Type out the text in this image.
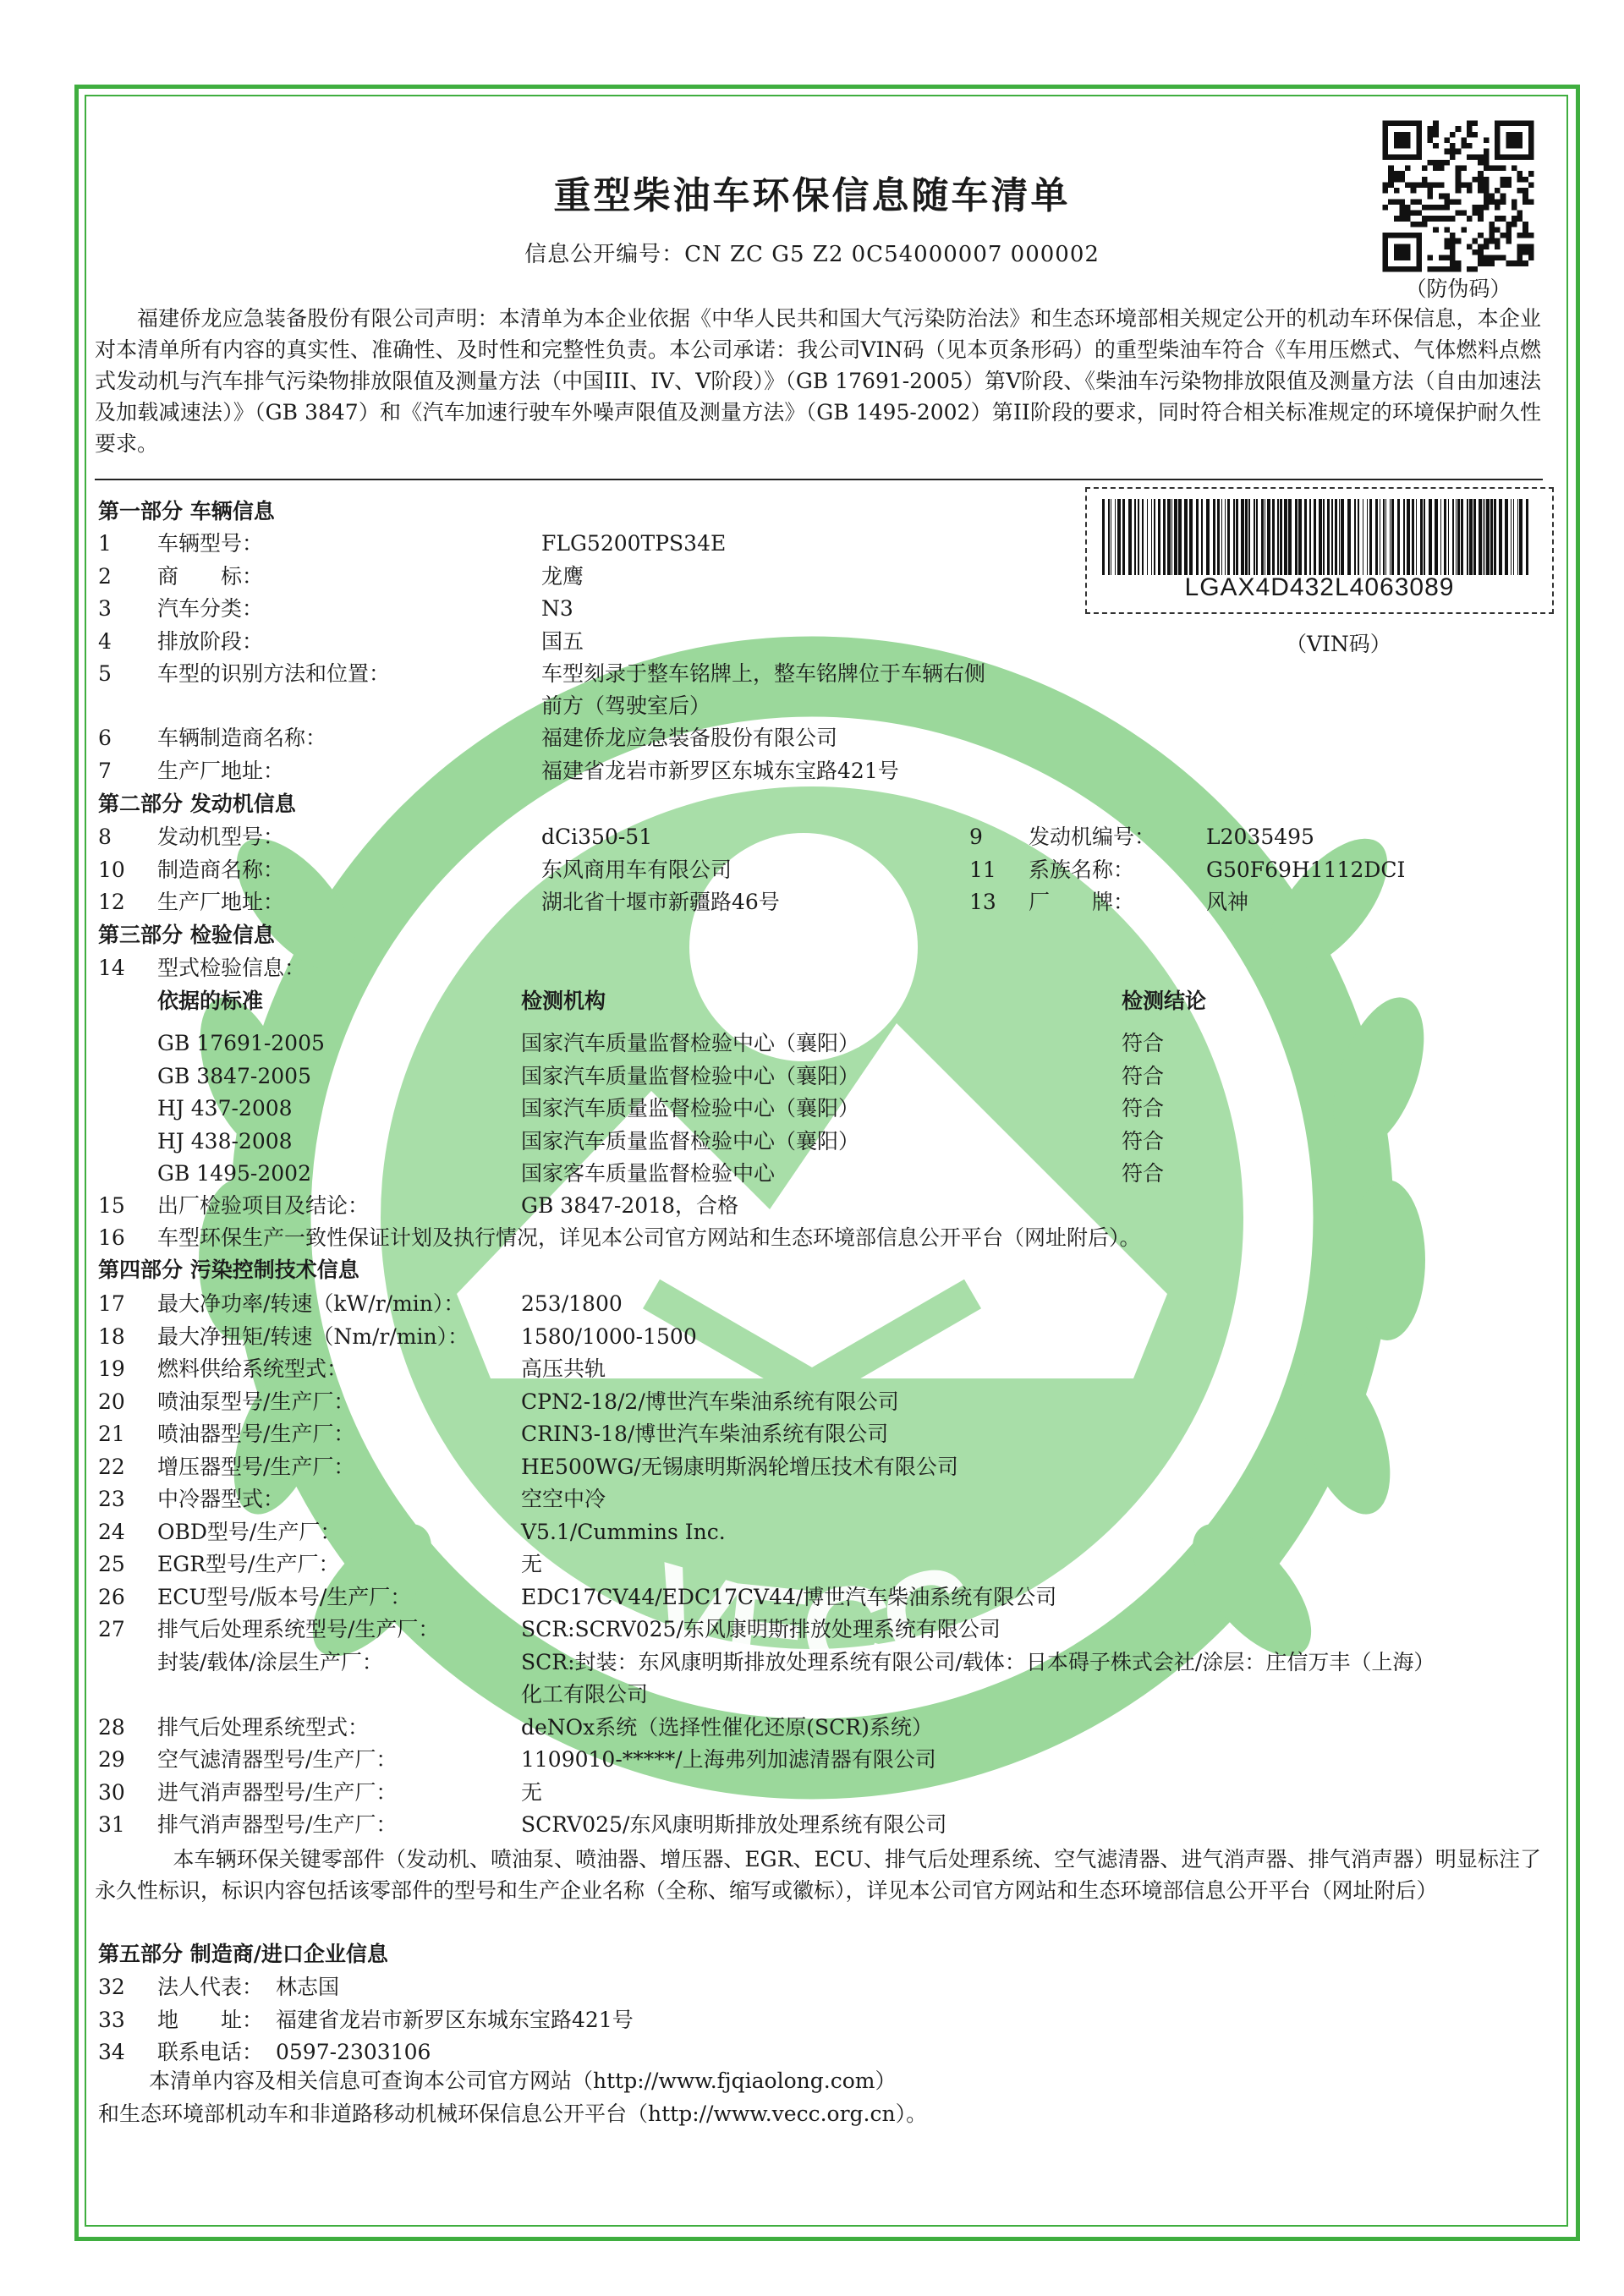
VECC
重型柴油车环保信息随车清单
信息公开编号：CN ZC G5 Z2 0C54000007 000002
（防伪码）
福建侨龙应急装备股份有限公司声明：本清单为本企业依据《中华人民共和国大气污染防治法》和生态环境部相关规定公开的机动车环保信息，本企业对本清单所有内容的真实性、准确性、及时性和完整性负责。本公司承诺：我公司VIN码（见本页条形码）的重型柴油车符合《车用压燃式、气体燃料点燃式发动机与汽车排气污染物排放限值及测量方法（中国III、IV、V阶段）》（GB 17691-2005）第V阶段、《柴油车污染物排放限值及测量方法（自由加速法及加载减速法）》（GB 3847）和《汽车加速行驶车外噪声限值及测量方法》（GB 1495-2002）第II阶段的要求，同时符合相关标准规定的环境保护耐久性要求。
LGAX4D432L4063089
（VIN码）
第一部分 车辆信息
1 车辆型号：	FLG5200TPS34E
2 商　　标：	龙鹰
3 汽车分类：	N3
4 排放阶段：	国五
5 车型的识别方法和位置：	车型刻录于整车铭牌上，整车铭牌位于车辆右侧
前方（驾驶室后）
6 车辆制造商名称：	福建侨龙应急装备股份有限公司
7 生产厂地址：	福建省龙岩市新罗区东城东宝路421号
第二部分 发动机信息
8 发动机型号：	dCi350-51	9 发动机编号： L2035495
10 制造商名称：	东风商用车有限公司	11 系族名称：	G50F69H1112DCI
12 生产厂地址：	湖北省十堰市新疆路46号	13 厂　　牌：	风神
第三部分 检验信息
14 型式检验信息：
依据的标准	检测机构	检测结论
GB 17691-2005	国家汽车质量监督检验中心（襄阳）	符合
GB 3847-2005	国家汽车质量监督检验中心（襄阳）	符合
HJ 437-2008	国家汽车质量监督检验中心（襄阳）	符合
HJ 438-2008	国家汽车质量监督检验中心（襄阳）	符合
GB 1495-2002	国家客车质量监督检验中心	符合
15 出厂检验项目及结论：	GB 3847-2018，合格
16 车型环保生产一致性保证计划及执行情况，详见本公司官方网站和生态环境部信息公开平台（网址附后）。
第四部分 污染控制技术信息
17 最大净功率/转速（kW/r/min）：	253/1800
18 最大净扭矩/转速（Nm/r/min）： 1580/1000-1500
19 燃料供给系统型式：	高压共轨
20 喷油泵型号/生产厂：	CPN2-18/2/博世汽车柴油系统有限公司
21 喷油器型号/生产厂：	CRIN3-18/博世汽车柴油系统有限公司
22 增压器型号/生产厂：	HE500WG/无锡康明斯涡轮增压技术有限公司
23 中冷器型式：	空空中冷
24 OBD型号/生产厂：	V5.1/Cummins Inc.
25 EGR型号/生产厂：	无
26 ECU型号/版本号/生产厂：	EDC17CV44/EDC17CV44/博世汽车柴油系统有限公司
27 排气后处理系统型号/生产厂：	SCR:SCRV025/东风康明斯排放处理系统有限公司
封装/载体/涂层生产厂：	SCR:封装：东风康明斯排放处理系统有限公司/载体：日本碍子株式会社/涂层：庄信万丰（上海）
化工有限公司
28 排气后处理系统型式：	deNOx系统（选择性催化还原(SCR)系统）
29 空气滤清器型号/生产厂：	1109010-*****/上海弗列加滤清器有限公司
30 进气消声器型号/生产厂：	无
31 排气消声器型号/生产厂：	SCRV025/东风康明斯排放处理系统有限公司
本车辆环保关键零部件（发动机、喷油泵、喷油器、增压器、EGR、ECU、排气后处理系统、空气滤清器、进气消声器、排气消声器）明显标注了永久性标识，标识内容包括该零部件的型号和生产企业名称（全称、缩写或徽标），详见本公司官方网站和生态环境部信息公开平台（网址附后）
第五部分 制造商/进口企业信息
32 法人代表： 林志国
33 地　　址： 福建省龙岩市新罗区东城东宝路421号
34 联系电话： 0597-2303106
本清单内容及相关信息可查询本公司官方网站（http://www.fjqiaolong.com）
和生态环境部机动车和非道路移动机械环保信息公开平台（http://www.vecc.org.cn）。
